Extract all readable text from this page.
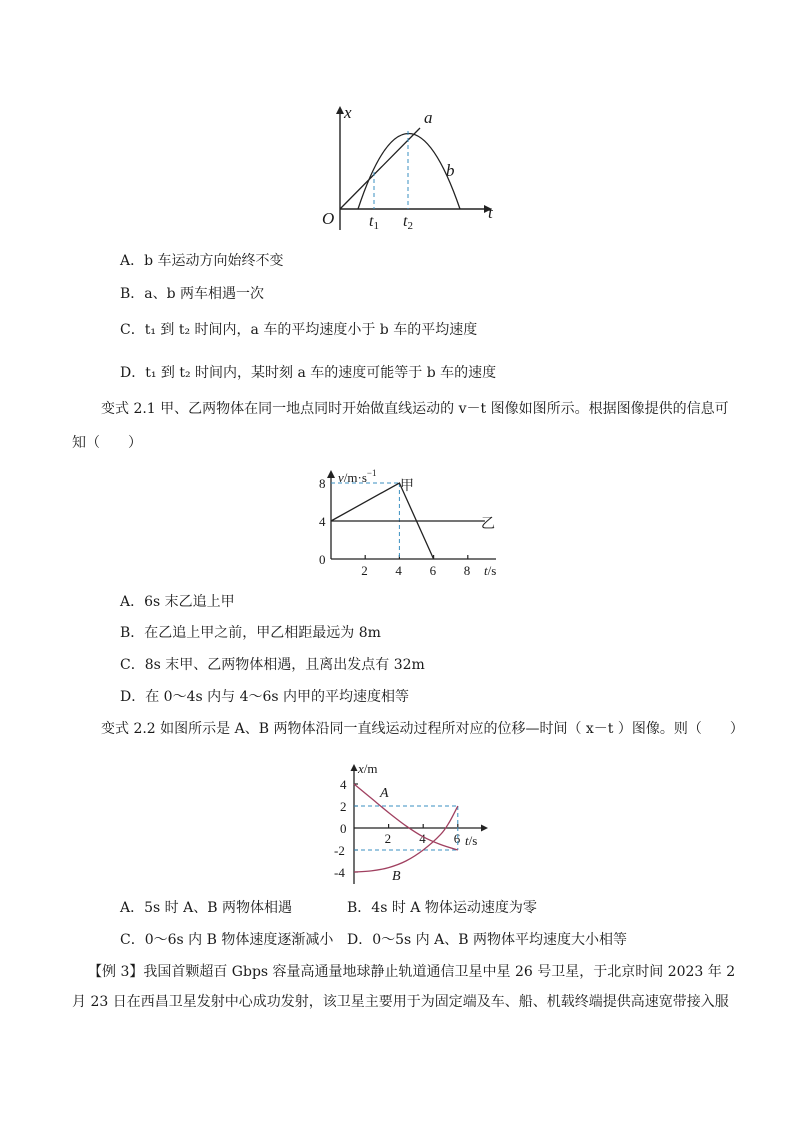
x
t
O t1 t2
a
b
A．b 车运动方向始终不变
B．a、b 两车相遇一次
C．t₁ 到 t₂ 时间内，a 车的平均速度小于 b 车的平均速度
D．t₁ 到 t₂ 时间内，某时刻 a 车的速度可能等于 b 车的速度
变式 2.1 甲、乙两物体在同一地点同时开始做直线运动的 v－t 图像如图所示。根据图像提供的信息可
知（　　）
2 4 6 8
0
4
8 $v/m\cdot s^{-1}$
t/s
甲
乙
A．6s 末乙追上甲
B．在乙追上甲之前，甲乙相距最远为 8m
C．8s 末甲、乙两物体相遇，且离出发点有 32m
D．在 0～4s 内与 4～6s 内甲的平均速度相等
变式 2.2 如图所示是 A、B 两物体沿同一直线运动过程所对应的位移—时间（ x－t ）图像。则（　　）
2 4 6
4
2
0
-2
-4
x/m
t/s
A
B
A．5s 时 A、B 两物体相遇	B．4s 时 A 物体运动速度为零
C．0～6s 内 B 物体速度逐渐减小 D．0～5s 内 A、B 两物体平均速度大小相等
【例 3】我国首颗超百 Gbps 容量高通量地球静止轨道通信卫星中星 26 号卫星，于北京时间 2023 年 2
月 23 日在西昌卫星发射中心成功发射，该卫星主要用于为固定端及车、船、机载终端提供高速宽带接入服
